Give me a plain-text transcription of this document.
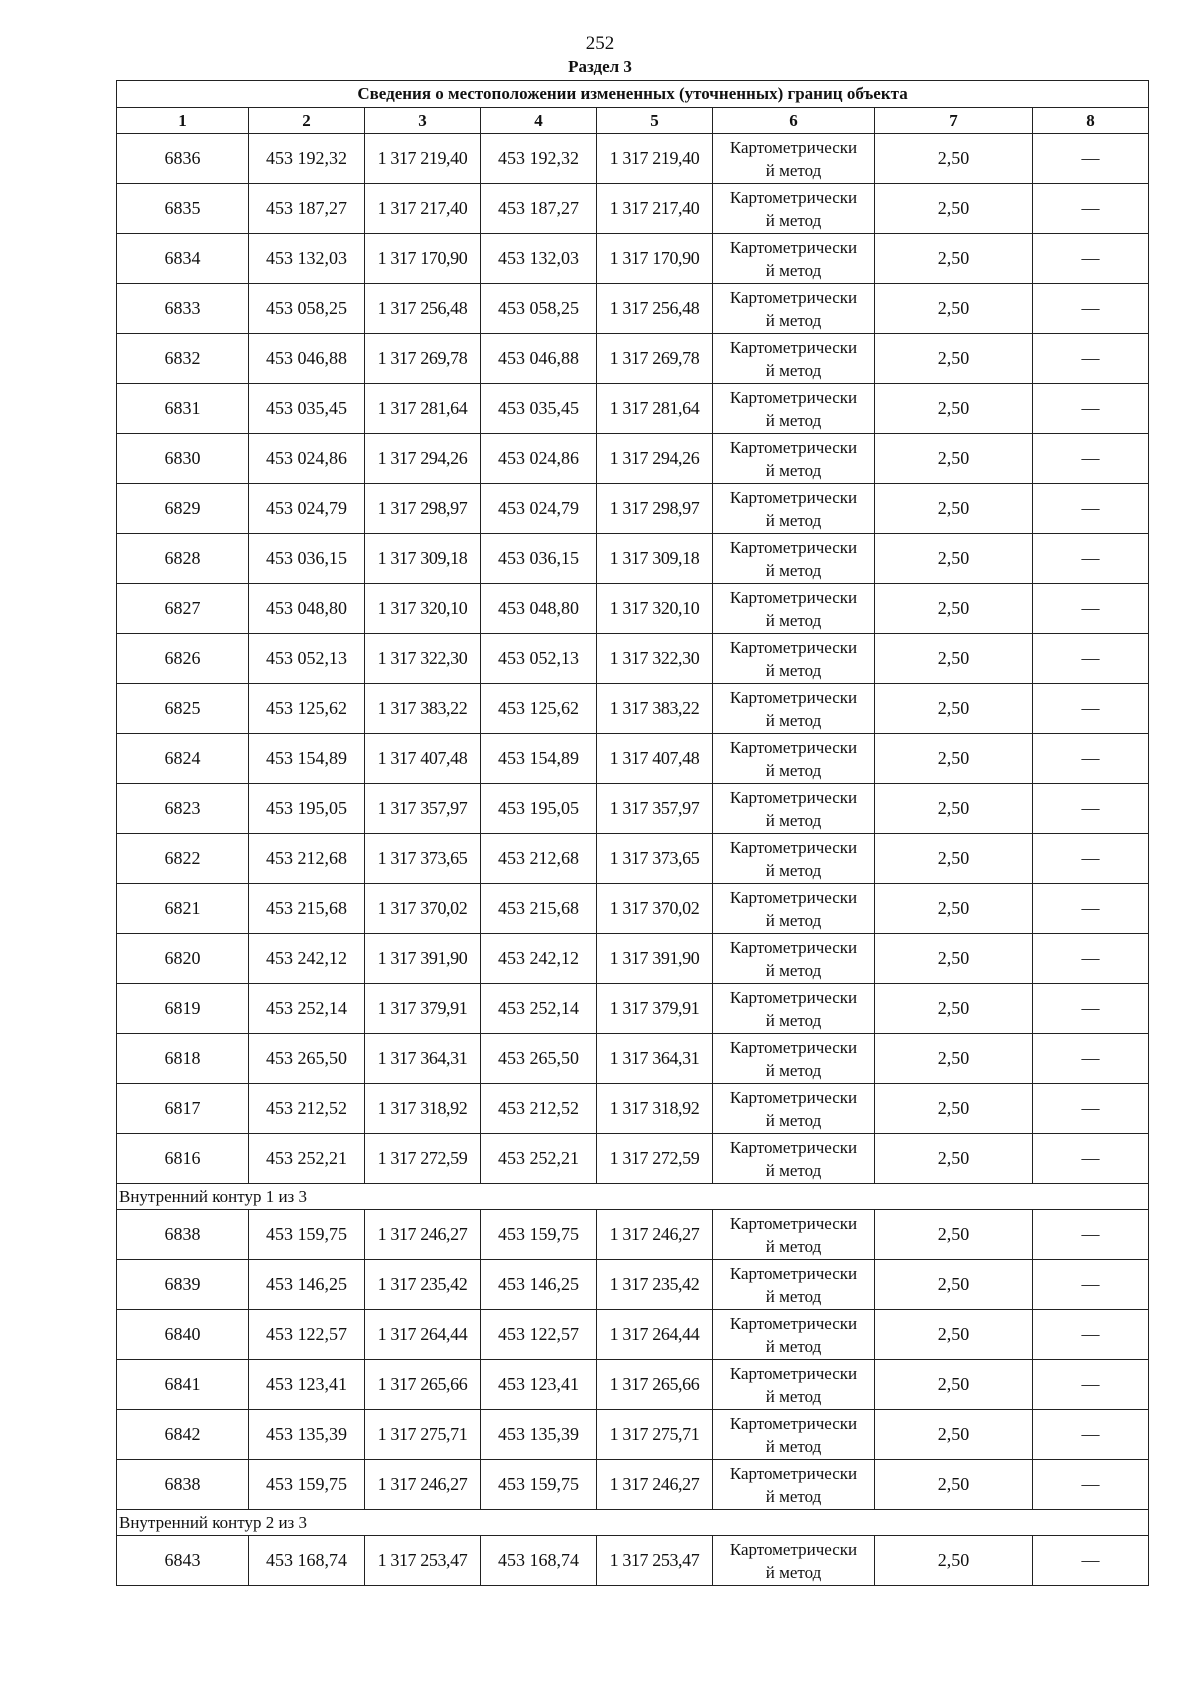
252
Раздел 3
Сведения о местоположении измененных (уточненных) границ объекта							
1	2	3	4	5	6	7	8
6836	453 192,32	1 317 219,40	453 192,32	1 317 219,40	Картометрически
й метод	2,50	—
6835	453 187,27	1 317 217,40	453 187,27	1 317 217,40	Картометрически
й метод	2,50	—
6834	453 132,03	1 317 170,90	453 132,03	1 317 170,90	Картометрически
й метод	2,50	—
6833	453 058,25	1 317 256,48	453 058,25	1 317 256,48	Картометрически
й метод	2,50	—
6832	453 046,88	1 317 269,78	453 046,88	1 317 269,78	Картометрически
й метод	2,50	—
6831	453 035,45	1 317 281,64	453 035,45	1 317 281,64	Картометрически
й метод	2,50	—
6830	453 024,86	1 317 294,26	453 024,86	1 317 294,26	Картометрически
й метод	2,50	—
6829	453 024,79	1 317 298,97	453 024,79	1 317 298,97	Картометрически
й метод	2,50	—
6828	453 036,15	1 317 309,18	453 036,15	1 317 309,18	Картометрически
й метод	2,50	—
6827	453 048,80	1 317 320,10	453 048,80	1 317 320,10	Картометрически
й метод	2,50	—
6826	453 052,13	1 317 322,30	453 052,13	1 317 322,30	Картометрически
й метод	2,50	—
6825	453 125,62	1 317 383,22	453 125,62	1 317 383,22	Картометрически
й метод	2,50	—
6824	453 154,89	1 317 407,48	453 154,89	1 317 407,48	Картометрически
й метод	2,50	—
6823	453 195,05	1 317 357,97	453 195,05	1 317 357,97	Картометрически
й метод	2,50	—
6822	453 212,68	1 317 373,65	453 212,68	1 317 373,65	Картометрически
й метод	2,50	—
6821	453 215,68	1 317 370,02	453 215,68	1 317 370,02	Картометрически
й метод	2,50	—
6820	453 242,12	1 317 391,90	453 242,12	1 317 391,90	Картометрически
й метод	2,50	—
6819	453 252,14	1 317 379,91	453 252,14	1 317 379,91	Картометрически
й метод	2,50	—
6818	453 265,50	1 317 364,31	453 265,50	1 317 364,31	Картометрически
й метод	2,50	—
6817	453 212,52	1 317 318,92	453 212,52	1 317 318,92	Картометрически
й метод	2,50	—
6816	453 252,21	1 317 272,59	453 252,21	1 317 272,59	Картометрически
й метод	2,50	—
Внутренний контур 1 из 3							
6838	453 159,75	1 317 246,27	453 159,75	1 317 246,27	Картометрически
й метод	2,50	—
6839	453 146,25	1 317 235,42	453 146,25	1 317 235,42	Картометрически
й метод	2,50	—
6840	453 122,57	1 317 264,44	453 122,57	1 317 264,44	Картометрически
й метод	2,50	—
6841	453 123,41	1 317 265,66	453 123,41	1 317 265,66	Картометрически
й метод	2,50	—
6842	453 135,39	1 317 275,71	453 135,39	1 317 275,71	Картометрически
й метод	2,50	—
6838	453 159,75	1 317 246,27	453 159,75	1 317 246,27	Картометрически
й метод	2,50	—
Внутренний контур 2 из 3							
6843	453 168,74	1 317 253,47	453 168,74	1 317 253,47	Картометрически
й метод	2,50	—
